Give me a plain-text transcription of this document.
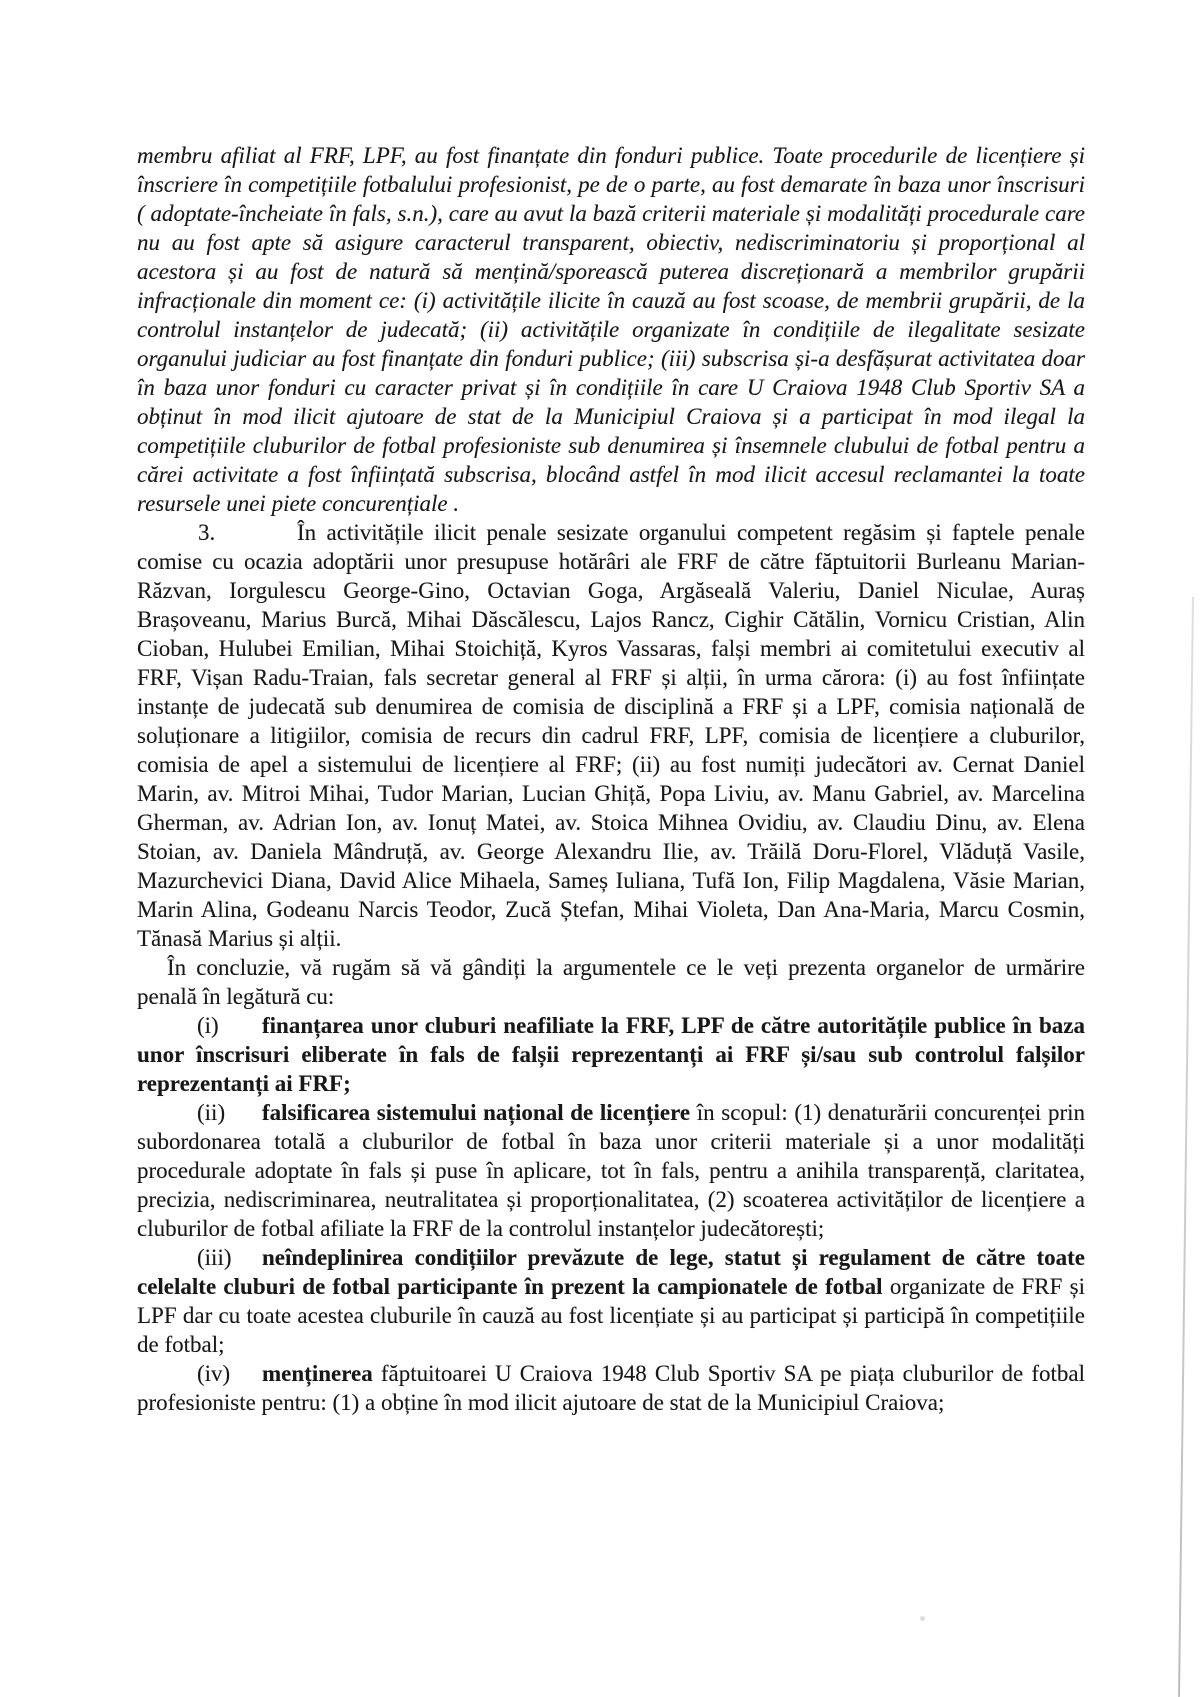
membru afiliat al FRF, LPF, au fost finanțate din fonduri publice. Toate procedurile de licențiere și înscriere în competițiile fotbalului profesionist, pe de o parte, au fost demarate în baza unor înscrisuri ( adoptate-încheiate în fals, s.n.), care au avut la bază criterii materiale și modalități procedurale care nu au fost apte să asigure caracterul transparent, obiectiv, nediscriminatoriu și proporțional al acestora și au fost de natură să mențină/sporească puterea discreționară a membrilor grupării infracționale din moment ce: (i) activitățile ilicite în cauză au fost scoase, de membrii grupării, de la controlul instanțelor de judecată; (ii) activitățile organizate în condițiile de ilegalitate sesizate organului judiciar au fost finanțate din fonduri publice; (iii) subscrisa și-a desfășurat activitatea doar în baza unor fonduri cu caracter privat și în condițiile în care U Craiova 1948 Club Sportiv SA a obținut în mod ilicit ajutoare de stat de la Municipiul Craiova și a participat în mod ilegal la competițiile cluburilor de fotbal profesioniste sub denumirea și însemnele clubului de fotbal pentru a cărei activitate a fost înființată subscrisa, blocând astfel în mod ilicit accesul reclamantei la toate resursele unei piete concurențiale .

3.	În activitățile ilicit penale sesizate organului competent regăsim și faptele penale comise cu ocazia adoptării unor presupuse hotărâri ale FRF de către făptuitorii Burleanu Marian-Răzvan, Iorgulescu George-Gino, Octavian Goga, Argăseală Valeriu, Daniel Niculae, Auraș Brașoveanu, Marius Burcă, Mihai Dăscălescu, Lajos Rancz, Cighir Cătălin, Vornicu Cristian, Alin Cioban, Hulubei Emilian, Mihai Stoichiță, Kyros Vassaras, falși membri ai comitetului executiv al FRF, Vișan Radu-Traian, fals secretar general al FRF și alții, în urma cărora: (i) au fost înființate instanțe de judecată sub denumirea de comisia de disciplină a FRF și a LPF, comisia națională de soluționare a litigiilor, comisia de recurs din cadrul FRF, LPF, comisia de licențiere a cluburilor, comisia de apel a sistemului de licențiere al FRF; (ii) au fost numiți judecători av. Cernat Daniel Marin, av. Mitroi Mihai, Tudor Marian, Lucian Ghiță, Popa Liviu, av. Manu Gabriel, av. Marcelina Gherman, av. Adrian Ion, av. Ionuț Matei, av. Stoica Mihnea Ovidiu, av. Claudiu Dinu, av. Elena Stoian, av. Daniela Mândruță, av. George Alexandru Ilie, av. Trăilă Doru-Florel, Vlăduță Vasile, Mazurchevici Diana, David Alice Mihaela, Sameș Iuliana, Tufă Ion, Filip Magdalena, Văsie Marian, Marin Alina, Godeanu Narcis Teodor, Zucă Ștefan, Mihai Violeta, Dan Ana-Maria, Marcu Cosmin, Tănasă Marius și alții.

În concluzie, vă rugăm să vă gândiți la argumentele ce le veți prezenta organelor de urmărire penală în legătură cu:

(i) finanțarea unor cluburi neafiliate la FRF, LPF de către autoritățile publice în baza unor înscrisuri eliberate în fals de falșii reprezentanți ai FRF și/sau sub controlul falșilor reprezentanți ai FRF;

(ii) falsificarea sistemului național de licențiere în scopul: (1) denaturării concurenței prin subordonarea totală a cluburilor de fotbal în baza unor criterii materiale și a unor modalități procedurale adoptate în fals și puse în aplicare, tot în fals, pentru a anihila transparență, claritatea, precizia, nediscriminarea, neutralitatea și proporționalitatea, (2) scoaterea activităților de licențiere a cluburilor de fotbal afiliate la FRF de la controlul instanțelor judecătorești;

(iii) neîndeplinirea condițiilor prevăzute de lege, statut și regulament de către toate celelalte cluburi de fotbal participante în prezent la campionatele de fotbal organizate de FRF și LPF dar cu toate acestea cluburile în cauză au fost licențiate și au participat și participă în competițiile de fotbal;

(iv) menținerea făptuitoarei U Craiova 1948 Club Sportiv SA pe piața cluburilor de fotbal profesioniste pentru: (1) a obține în mod ilicit ajutoare de stat de la Municipiul Craiova;
